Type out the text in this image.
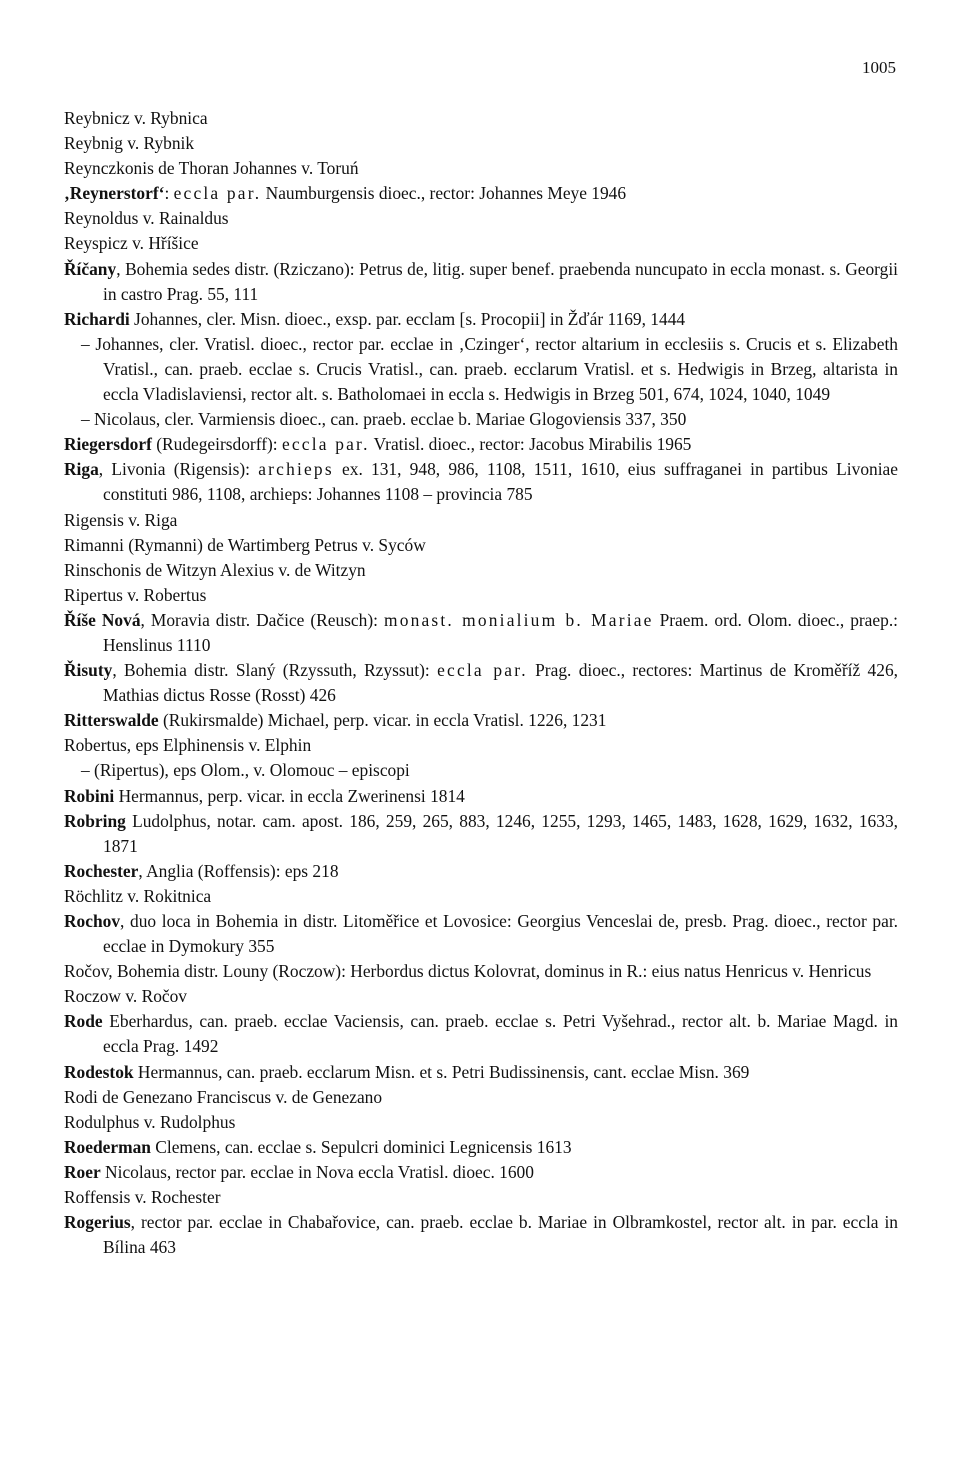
1005
Reybnicz v. Rybnica
Reybnig v. Rybnik
Reynczkonis de Thoran Johannes v. Toruń
‚Reynerstorf‘: eccla par. Naumburgensis dioec., rector: Johannes Meye 1946
Reynoldus v. Rainaldus
Reyspicz v. Hříšice
Říčany, Bohemia sedes distr. (Rziczano): Petrus de, litig. super benef. praebenda nuncupato in eccla monast. s. Georgii in castro Prag. 55, 111
Richardi Johannes, cler. Misn. dioec., exsp. par. ecclam [s. Procopii] in Žďár 1169, 1444
– Johannes, cler. Vratisl. dioec., rector par. ecclae in ‚Czinger‘, rector altarium in ecclesiis s. Crucis et s. Elizabeth Vratisl., can. praeb. ecclae s. Crucis Vratisl., can. praeb. ecclarum Vratisl. et s. Hedwigis in Brzeg, altarista in eccla Vladislaviensi, rector alt. s. Batholomaei in eccla s. Hedwigis in Brzeg 501, 674, 1024, 1040, 1049
– Nicolaus, cler. Varmiensis dioec., can. praeb. ecclae b. Mariae Glogoviensis 337, 350
Riegersdorf (Rudegeirsdorff): eccla par. Vratisl. dioec., rector: Jacobus Mirabilis 1965
Riga, Livonia (Rigensis): archieps ex. 131, 948, 986, 1108, 1511, 1610, eius suffraganei in partibus Livoniae constituti 986, 1108, archieps: Johannes 1108 – provincia 785
Rigensis v. Riga
Rimanni (Rymanni) de Wartimberg Petrus v. Syców
Rinschonis de Witzyn Alexius v. de Witzyn
Ripertus v. Robertus
Říše Nová, Moravia distr. Dačice (Reusch): monast. monialium b. Mariae Praem. ord. Olom. dioec., praep.: Henslinus 1110
Řisuty, Bohemia distr. Slaný (Rzyssuth, Rzyssut): eccla par. Prag. dioec., rectores: Martinus de Kroměříž 426, Mathias dictus Rosse (Rosst) 426
Ritterswalde (Rukirsmalde) Michael, perp. vicar. in eccla Vratisl. 1226, 1231
Robertus, eps Elphinensis v. Elphin
– (Ripertus), eps Olom., v. Olomouc – episcopi
Robini Hermannus, perp. vicar. in eccla Zwerinensi 1814
Robring Ludolphus, notar. cam. apost. 186, 259, 265, 883, 1246, 1255, 1293, 1465, 1483, 1628, 1629, 1632, 1633, 1871
Rochester, Anglia (Roffensis): eps 218
Röchlitz v. Rokitnica
Rochov, duo loca in Bohemia in distr. Litoměřice et Lovosice: Georgius Venceslai de, presb. Prag. dioec., rector par. ecclae in Dymokury 355
Ročov, Bohemia distr. Louny (Roczow): Herbordus dictus Kolovrat, dominus in R.: eius natus Henricus v. Henricus
Roczow v. Ročov
Rode Eberhardus, can. praeb. ecclae Vaciensis, can. praeb. ecclae s. Petri Vyšehrad., rector alt. b. Mariae Magd. in eccla Prag. 1492
Rodestok Hermannus, can. praeb. ecclarum Misn. et s. Petri Budissinensis, cant. ecclae Misn. 369
Rodi de Genezano Franciscus v. de Genezano
Rodulphus v. Rudolphus
Roederman Clemens, can. ecclae s. Sepulcri dominici Legnicensis 1613
Roer Nicolaus, rector par. ecclae in Nova eccla Vratisl. dioec. 1600
Roffensis v. Rochester
Rogerius, rector par. ecclae in Chabařovice, can. praeb. ecclae b. Mariae in Olbramkostel, rector alt. in par. eccla in Bílina 463
